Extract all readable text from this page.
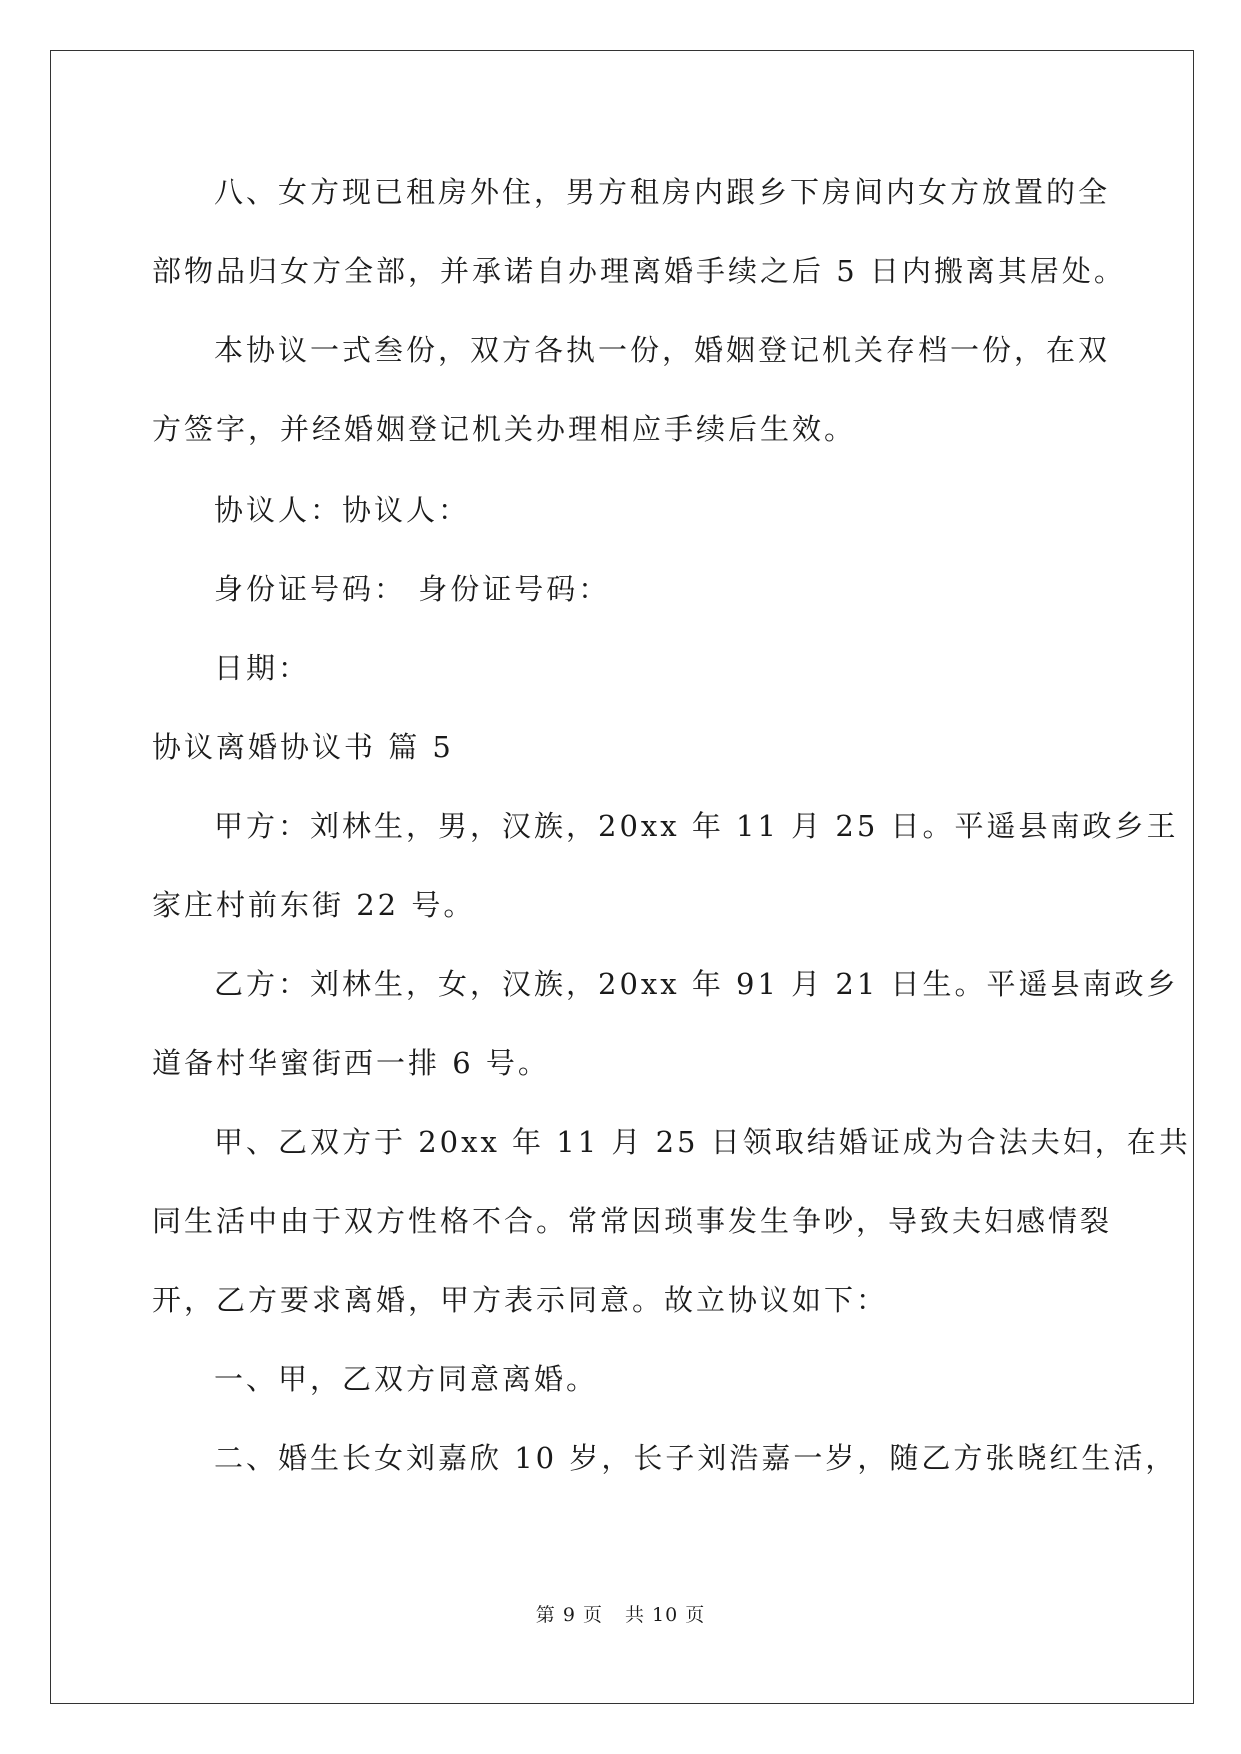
八、女方现已租房外住，男方租房内跟乡下房间内女方放置的全
部物品归女方全部，并承诺自办理离婚手续之后 5 日内搬离其居处。
本协议一式叁份，双方各执一份，婚姻登记机关存档一份，在双
方签字，并经婚姻登记机关办理相应手续后生效。
协议人：协议人：
身份证号码： 身份证号码：
日期：
协议离婚协议书 篇 5
甲方：刘林生，男，汉族，20xx 年 11 月 25 日。平遥县南政乡王
家庄村前东街 22 号。
乙方：刘林生，女，汉族，20xx 年 91 月 21 日生。平遥县南政乡
道备村华蜜街西一排 6 号。
甲、乙双方于 20xx 年 11 月 25 日领取结婚证成为合法夫妇，在共
同生活中由于双方性格不合。常常因琐事发生争吵，导致夫妇感情裂
开，乙方要求离婚，甲方表示同意。故立协议如下：
一、甲，乙双方同意离婚。
二、婚生长女刘嘉欣 10 岁，长子刘浩嘉一岁，随乙方张晓红生活，
第 9 页 共 10 页
